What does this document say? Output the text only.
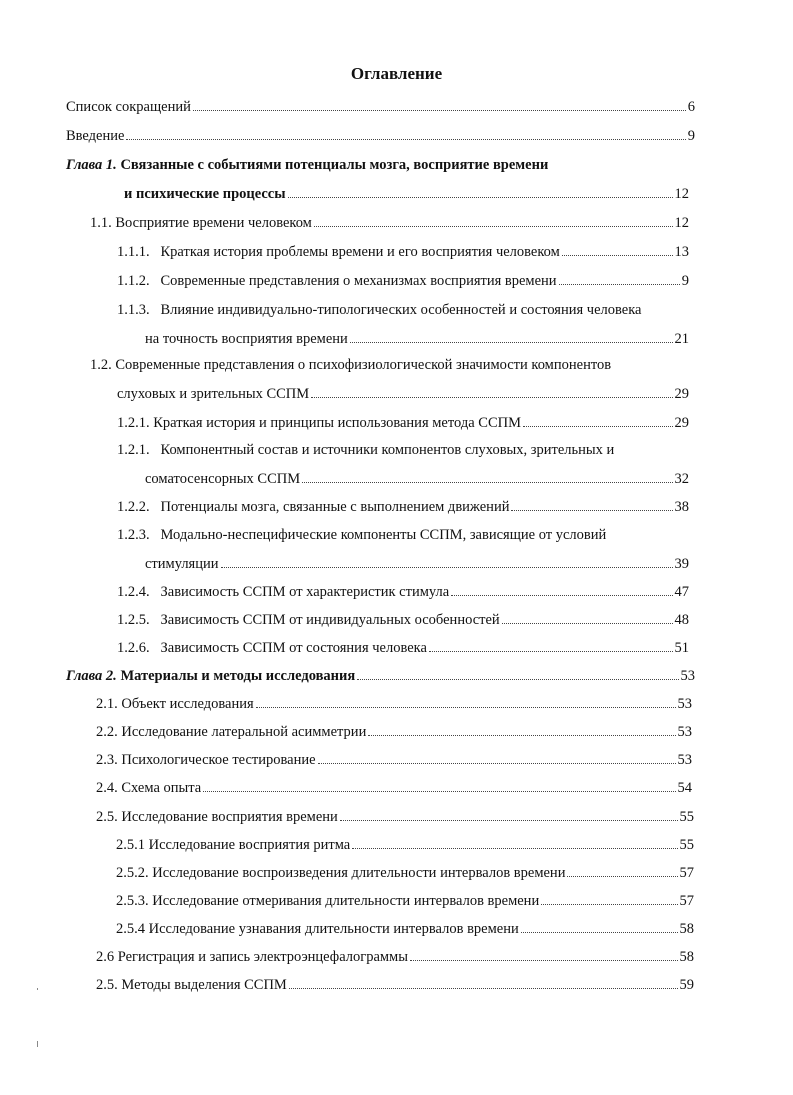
Оглавление
Список сокращений	6
Введение	9
Глава 1.
Связанные с событиями потенциалы мозга, восприятие времени
и психические процессы	12
1.1. Восприятие времени человеком	12
1.1.1.   Краткая история проблемы времени и его восприятия человеком	13
1.1.2.   Современные представления о механизмах восприятия времени	9
1.1.3.   Влияние индивидуально-типологических особенностей и состояния человека
на точность восприятия времени	21
1.2. Современные представления о психофизиологической значимости компонентов
слуховых и зрительных ССПМ	29
1.2.1. Краткая история и принципы использования метода ССПМ	29
1.2.1.   Компонентный состав и источники компонентов слуховых, зрительных и
соматосенсорных ССПМ	32
1.2.2.   Потенциалы мозга, связанные с выполнением движений	38
1.2.3.   Модально-неспецифические компоненты ССПМ, зависящие от условий
стимуляции	39
1.2.4.   Зависимость ССПМ от характеристик стимула	47
1.2.5.   Зависимость ССПМ от индивидуальных особенностей	48
1.2.6.   Зависимость ССПМ от состояния человека	51
Глава 2. Материалы и методы исследования	53
2.1. Объект исследования	53
2.2. Исследование латеральной асимметрии	53
2.3. Психологическое тестирование	53
2.4. Схема опыта	54
2.5. Исследование восприятия времени	55
2.5.1 Исследование восприятия ритма	55
2.5.2. Исследование воспроизведения длительности интервалов времени	57
2.5.3. Исследование отмеривания длительности интервалов времени	57
2.5.4 Исследование узнавания длительности интервалов времени	58
2.6 Регистрация и запись электроэнцефалограммы	58
2.5. Методы выделения ССПМ	59
